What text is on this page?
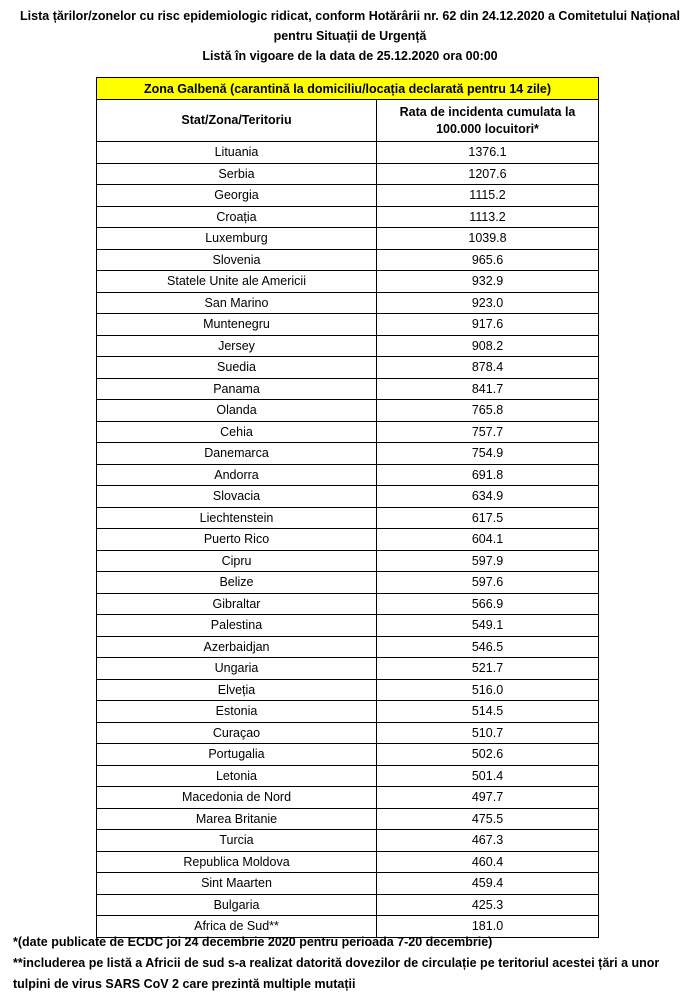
Lista țărilor/zonelor cu risc epidemiologic ridicat, conform Hotărârii nr. 62 din 24.12.2020 a Comitetului Național
pentru Situații de Urgență
Listă în vigoare de la data de 25.12.2020 ora 00:00
Zona Galbenă (carantină la domiciliu/locația declarată pentru 14 zile)	
Stat/Zona/Teritoriu	Rata de incidenta cumulata la 100.000 locuitori*
Lituania	1376.1
Serbia	1207.6
Georgia	1115.2
Croația	1113.2
Luxemburg	1039.8
Slovenia	965.6
Statele Unite ale Americii	932.9
San Marino	923.0
Muntenegru	917.6
Jersey	908.2
Suedia	878.4
Panama	841.7
Olanda	765.8
Cehia	757.7
Danemarca	754.9
Andorra	691.8
Slovacia	634.9
Liechtenstein	617.5
Puerto Rico	604.1
Cipru	597.9
Belize	597.6
Gibraltar	566.9
Palestina	549.1
Azerbaidjan	546.5
Ungaria	521.7
Elveția	516.0
Estonia	514.5
Curaçao	510.7
Portugalia	502.6
Letonia	501.4
Macedonia de Nord	497.7
Marea Britanie	475.5
Turcia	467.3
Republica Moldova	460.4
Sint Maarten	459.4
Bulgaria	425.3
Africa de Sud**	181.0
*(date publicate de ECDC joi 24 decembrie 2020 pentru perioada 7-20 decembrie)
**includerea pe listă a Africii de sud s-a realizat datorită dovezilor de circulație pe teritoriul acestei țări a unor tulpini de virus SARS CoV 2 care prezintă multiple mutații
